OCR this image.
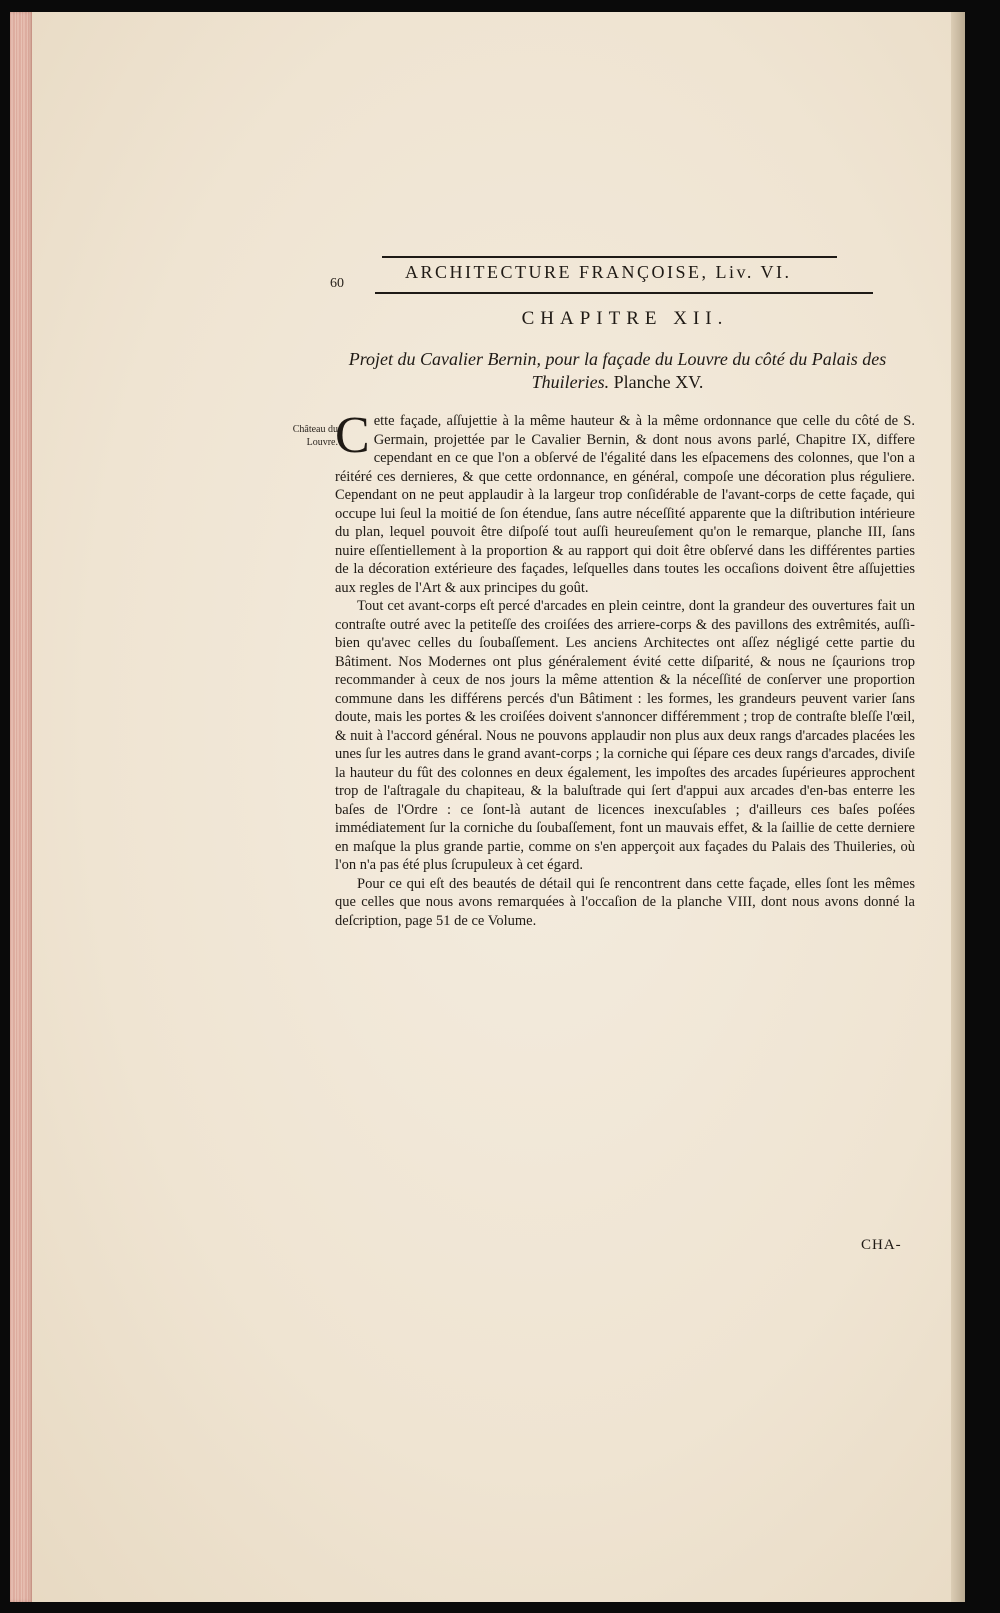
60
ARCHITECTURE FRANÇOISE, Liv. VI.
CHAPITRE XII.
Projet du Cavalier Bernin, pour la façade du Louvre du côté du Palais des Thuileries. Planche XV.
Château du Louvre.

C ette façade, aſſujettie à la même hauteur & à la même ordonnance que celle du côté de S. Germain, projettée par le Cavalier Bernin, & dont nous avons parlé, Chapitre IX, differe cependant en ce que l'on a obſervé de l'égalité dans les eſpacemens des colonnes, que l'on a réitéré ces dernieres, & que cette ordonnance, en général, compoſe une décoration plus réguliere. Cependant on ne peut applaudir à la largeur trop conſidérable de l'avant-corps de cette façade, qui occupe lui ſeul la moitié de ſon étendue, ſans autre néceſſité apparente que la diſtribution intérieure du plan, lequel pouvoit être diſpoſé tout auſſi heureuſement qu'on le remarque, planche III, ſans nuire eſſentiellement à la proportion & au rapport qui doit être obſervé dans les différentes parties de la décoration extérieure des façades, leſquelles dans toutes les occaſions doivent être aſſujetties aux regles de l'Art & aux principes du goût.

Tout cet avant-corps eſt percé d'arcades en plein ceintre, dont la grandeur des ouvertures fait un contraſte outré avec la petiteſſe des croiſées des arriere-corps & des pavillons des extrêmités, auſſi-bien qu'avec celles du ſoubaſſement. Les anciens Architectes ont aſſez négligé cette partie du Bâtiment. Nos Modernes ont plus généralement évité cette diſparité, & nous ne ſçaurions trop recommander à ceux de nos jours la même attention & la néceſſité de conſerver une proportion commune dans les différens percés d'un Bâtiment : les formes, les grandeurs peuvent varier ſans doute, mais les portes & les croiſées doivent s'annoncer différemment ; trop de contraſte bleſſe l'œil, & nuit à l'accord général. Nous ne pouvons applaudir non plus aux deux rangs d'arcades placées les unes ſur les autres dans le grand avant-corps ; la corniche qui ſépare ces deux rangs d'arcades, diviſe la hauteur du fût des colonnes en deux également, les impoſtes des arcades ſupérieures approchent trop de l'aſtragale du chapiteau, & la baluſtrade qui ſert d'appui aux arcades d'en-bas enterre les baſes de l'Ordre : ce ſont-là autant de licences inexcuſables ; d'ailleurs ces baſes poſées immédiatement ſur la corniche du ſoubaſſement, font un mauvais effet, & la ſaillie de cette derniere en maſque la plus grande partie, comme on s'en apperçoit aux façades du Palais des Thuileries, où l'on n'a pas été plus ſcrupuleux à cet égard.

Pour ce qui eſt des beautés de détail qui ſe rencontrent dans cette façade, elles ſont les mêmes que celles que nous avons remarquées à l'occaſion de la planche VIII, dont nous avons donné la deſcription, page 51 de ce Volume.

CHA-
